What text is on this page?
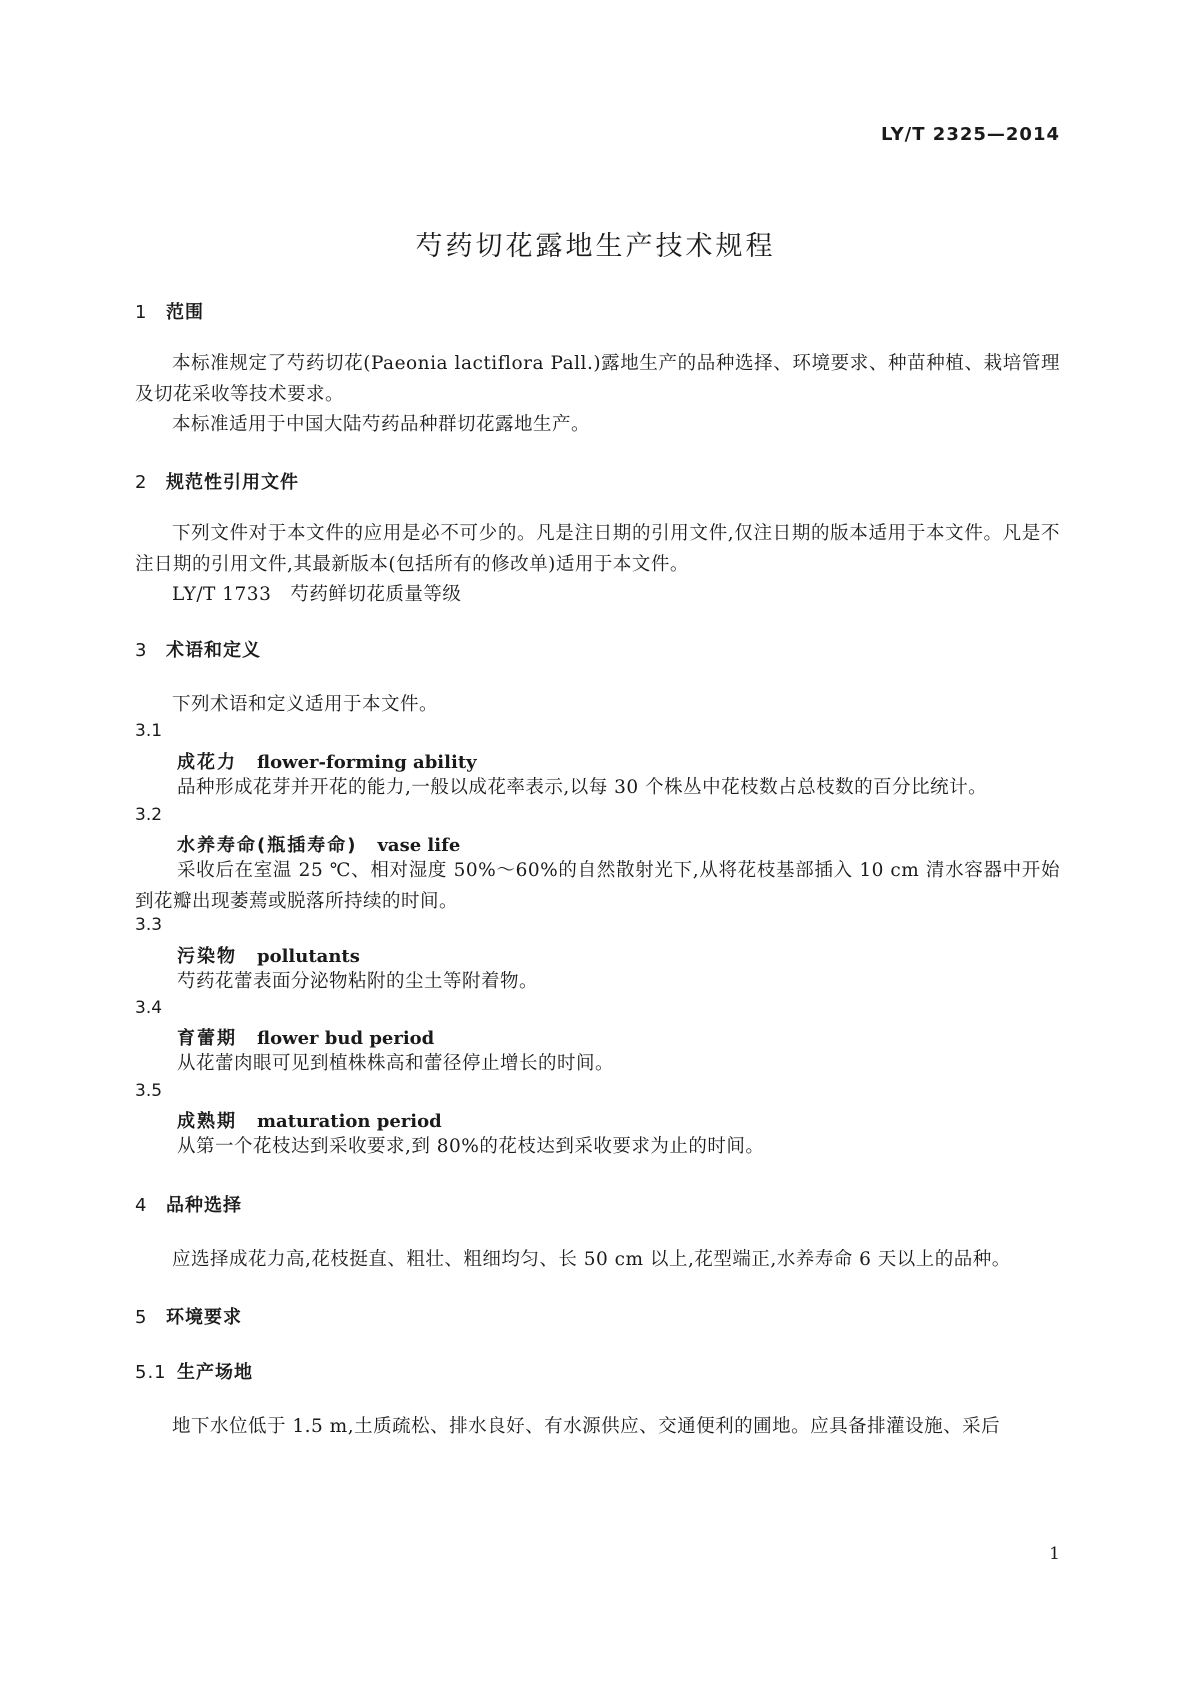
LY/T 2325—2014
芍药切花露地生产技术规程
1 范围
本标准规定了芍药切花(Paeonia lactiflora Pall.)露地生产的品种选择、环境要求、种苗种植、栽培管理及切花采收等技术要求。
本标准适用于中国大陆芍药品种群切花露地生产。
2 规范性引用文件
下列文件对于本文件的应用是必不可少的。凡是注日期的引用文件,仅注日期的版本适用于本文件。凡是不注日期的引用文件,其最新版本(包括所有的修改单)适用于本文件。
LY/T 1733　芍药鲜切花质量等级
3 术语和定义
下列术语和定义适用于本文件。
3.1
成花力 flower-forming ability
品种形成花芽并开花的能力,一般以成花率表示,以每 30 个株丛中花枝数占总枝数的百分比统计。
3.2
水养寿命(瓶插寿命) vase life
采收后在室温 25 ℃、相对湿度 50%～60%的自然散射光下,从将花枝基部插入 10 cm 清水容器中开始到花瓣出现萎蔫或脱落所持续的时间。
3.3
污染物 pollutants
芍药花蕾表面分泌物粘附的尘土等附着物。
3.4
育蕾期 flower bud period
从花蕾肉眼可见到植株株高和蕾径停止增长的时间。
3.5
成熟期 maturation period
从第一个花枝达到采收要求,到 80%的花枝达到采收要求为止的时间。
4 品种选择
应选择成花力高,花枝挺直、粗壮、粗细均匀、长 50 cm 以上,花型端正,水养寿命 6 天以上的品种。
5 环境要求
5.1 生产场地
地下水位低于 1.5 m,土质疏松、排水良好、有水源供应、交通便利的圃地。应具备排灌设施、采后
1
